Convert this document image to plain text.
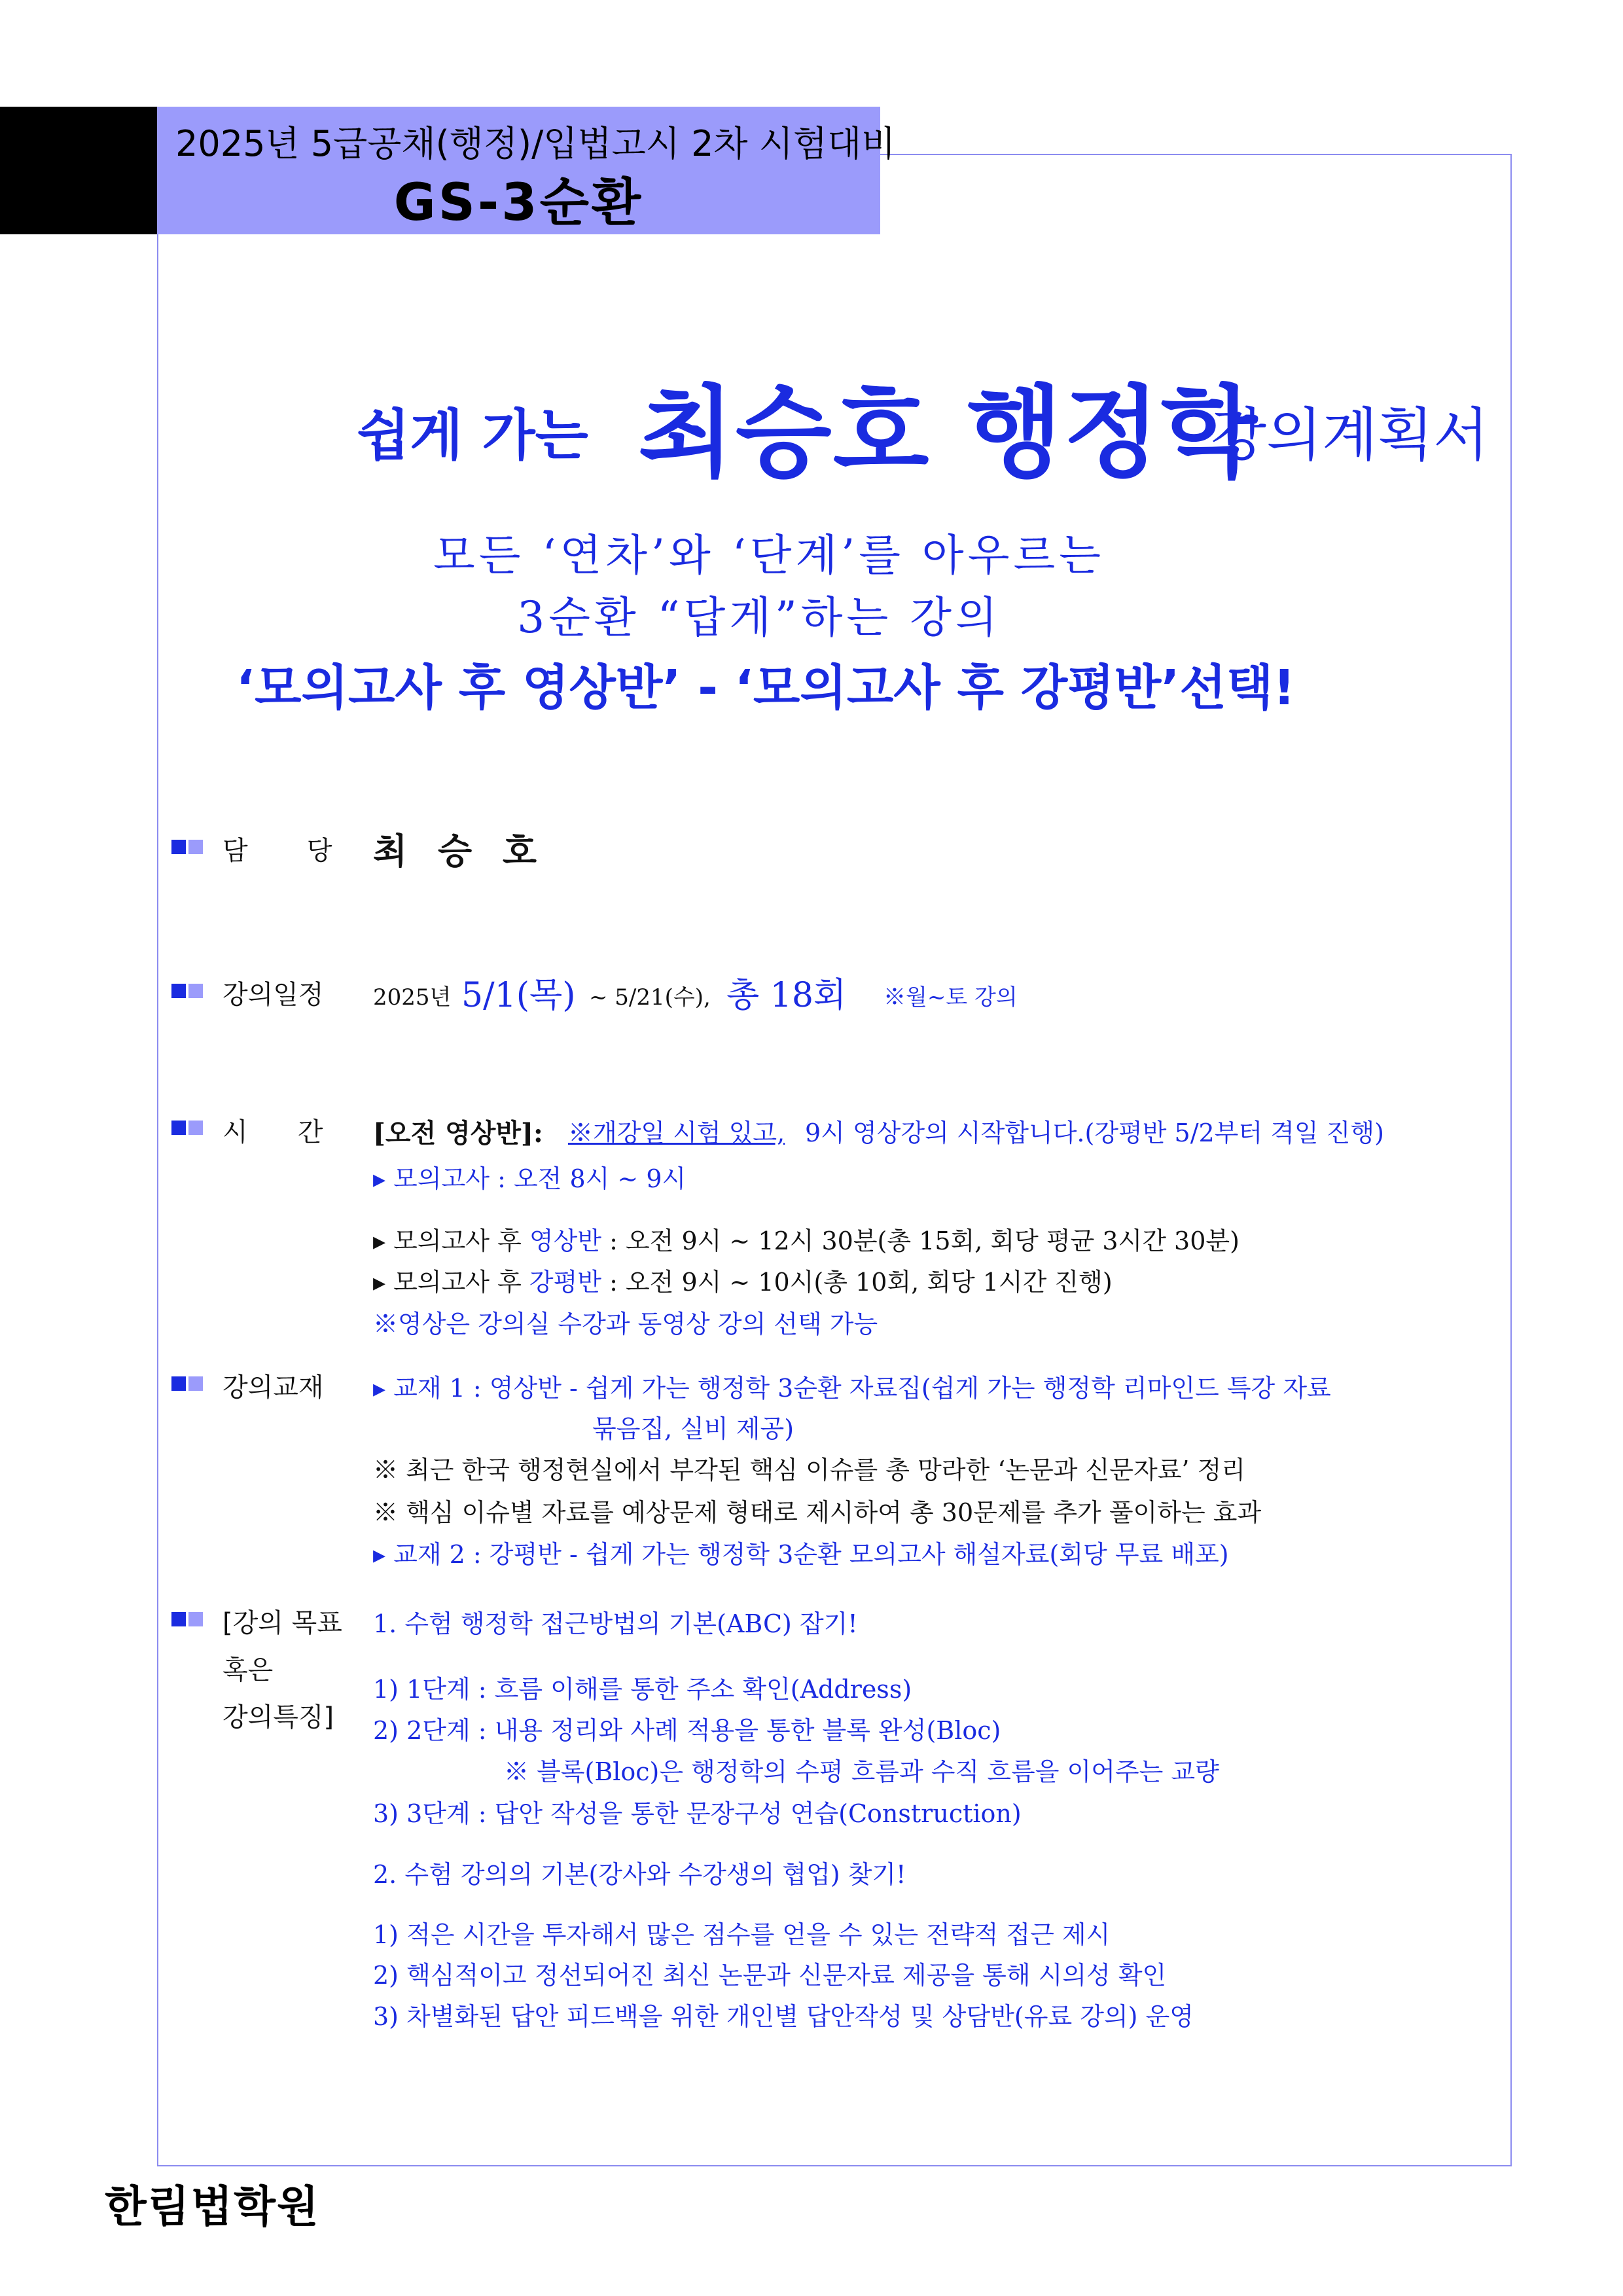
2025년 5급공채(행정)/입법고시 2차 시험대비
GS-3순환
쉽게 가는 최승호 행정학
강의계획서
모든 ‘연차’와 ‘단계’를 아우르는
3순환 “답게”하는 강의
‘모의고사 후 영상반’ - ‘모의고사 후 강평반’선택!
담      당 최 승 호
강의일정 2025년 5/1(목) ~ 5/21(수), 총 18회 ※월~토 강의
시      간 [오전 영상반]: ※개강일 시험 있고, 9시 영상강의 시작합니다.(강평반 5/2부터 격일 진행)
▸ 모의고사 : 오전 8시 ~ 9시
▸ 모의고사 후 영상반 : 오전 9시 ~ 12시 30분(총 15회, 회당 평균 3시간 30분)
▸ 모의고사 후 강평반 : 오전 9시 ~ 10시(총 10회, 회당 1시간 진행)
※영상은 강의실 수강과 동영상 강의 선택 가능
강의교재 ▸ 교재 1 : 영상반 - 쉽게 가는 행정학 3순환 자료집(쉽게 가는 행정학 리마인드 특강 자료
묶음집, 실비 제공)
※ 최근 한국 행정현실에서 부각된 핵심 이슈를 총 망라한 ‘논문과 신문자료’ 정리
※ 핵심 이슈별 자료를 예상문제 형태로 제시하여 총 30문제를 추가 풀이하는 효과
▸ 교재 2 : 강평반 - 쉽게 가는 행정학 3순환 모의고사 해설자료(회당 무료 배포)
[강의 목표
혹은
강의특징]
1. 수험 행정학 접근방법의 기본(ABC) 잡기!
1) 1단계 : 흐름 이해를 통한 주소 확인(Address)
2) 2단계 : 내용 정리와 사례 적용을 통한 블록 완성(Bloc)
※ 블록(Bloc)은 행정학의 수평 흐름과 수직 흐름을 이어주는 교량
3) 3단계 : 답안 작성을 통한 문장구성 연습(Construction)
2. 수험 강의의 기본(강사와 수강생의 협업) 찾기!
1) 적은 시간을 투자해서 많은 점수를 얻을 수 있는 전략적 접근 제시
2) 핵심적이고 정선되어진 최신 논문과 신문자료 제공을 통해 시의성 확인
3) 차별화된 답안 피드백을 위한 개인별 답안작성 및 상담반(유료 강의) 운영
한림법학원
